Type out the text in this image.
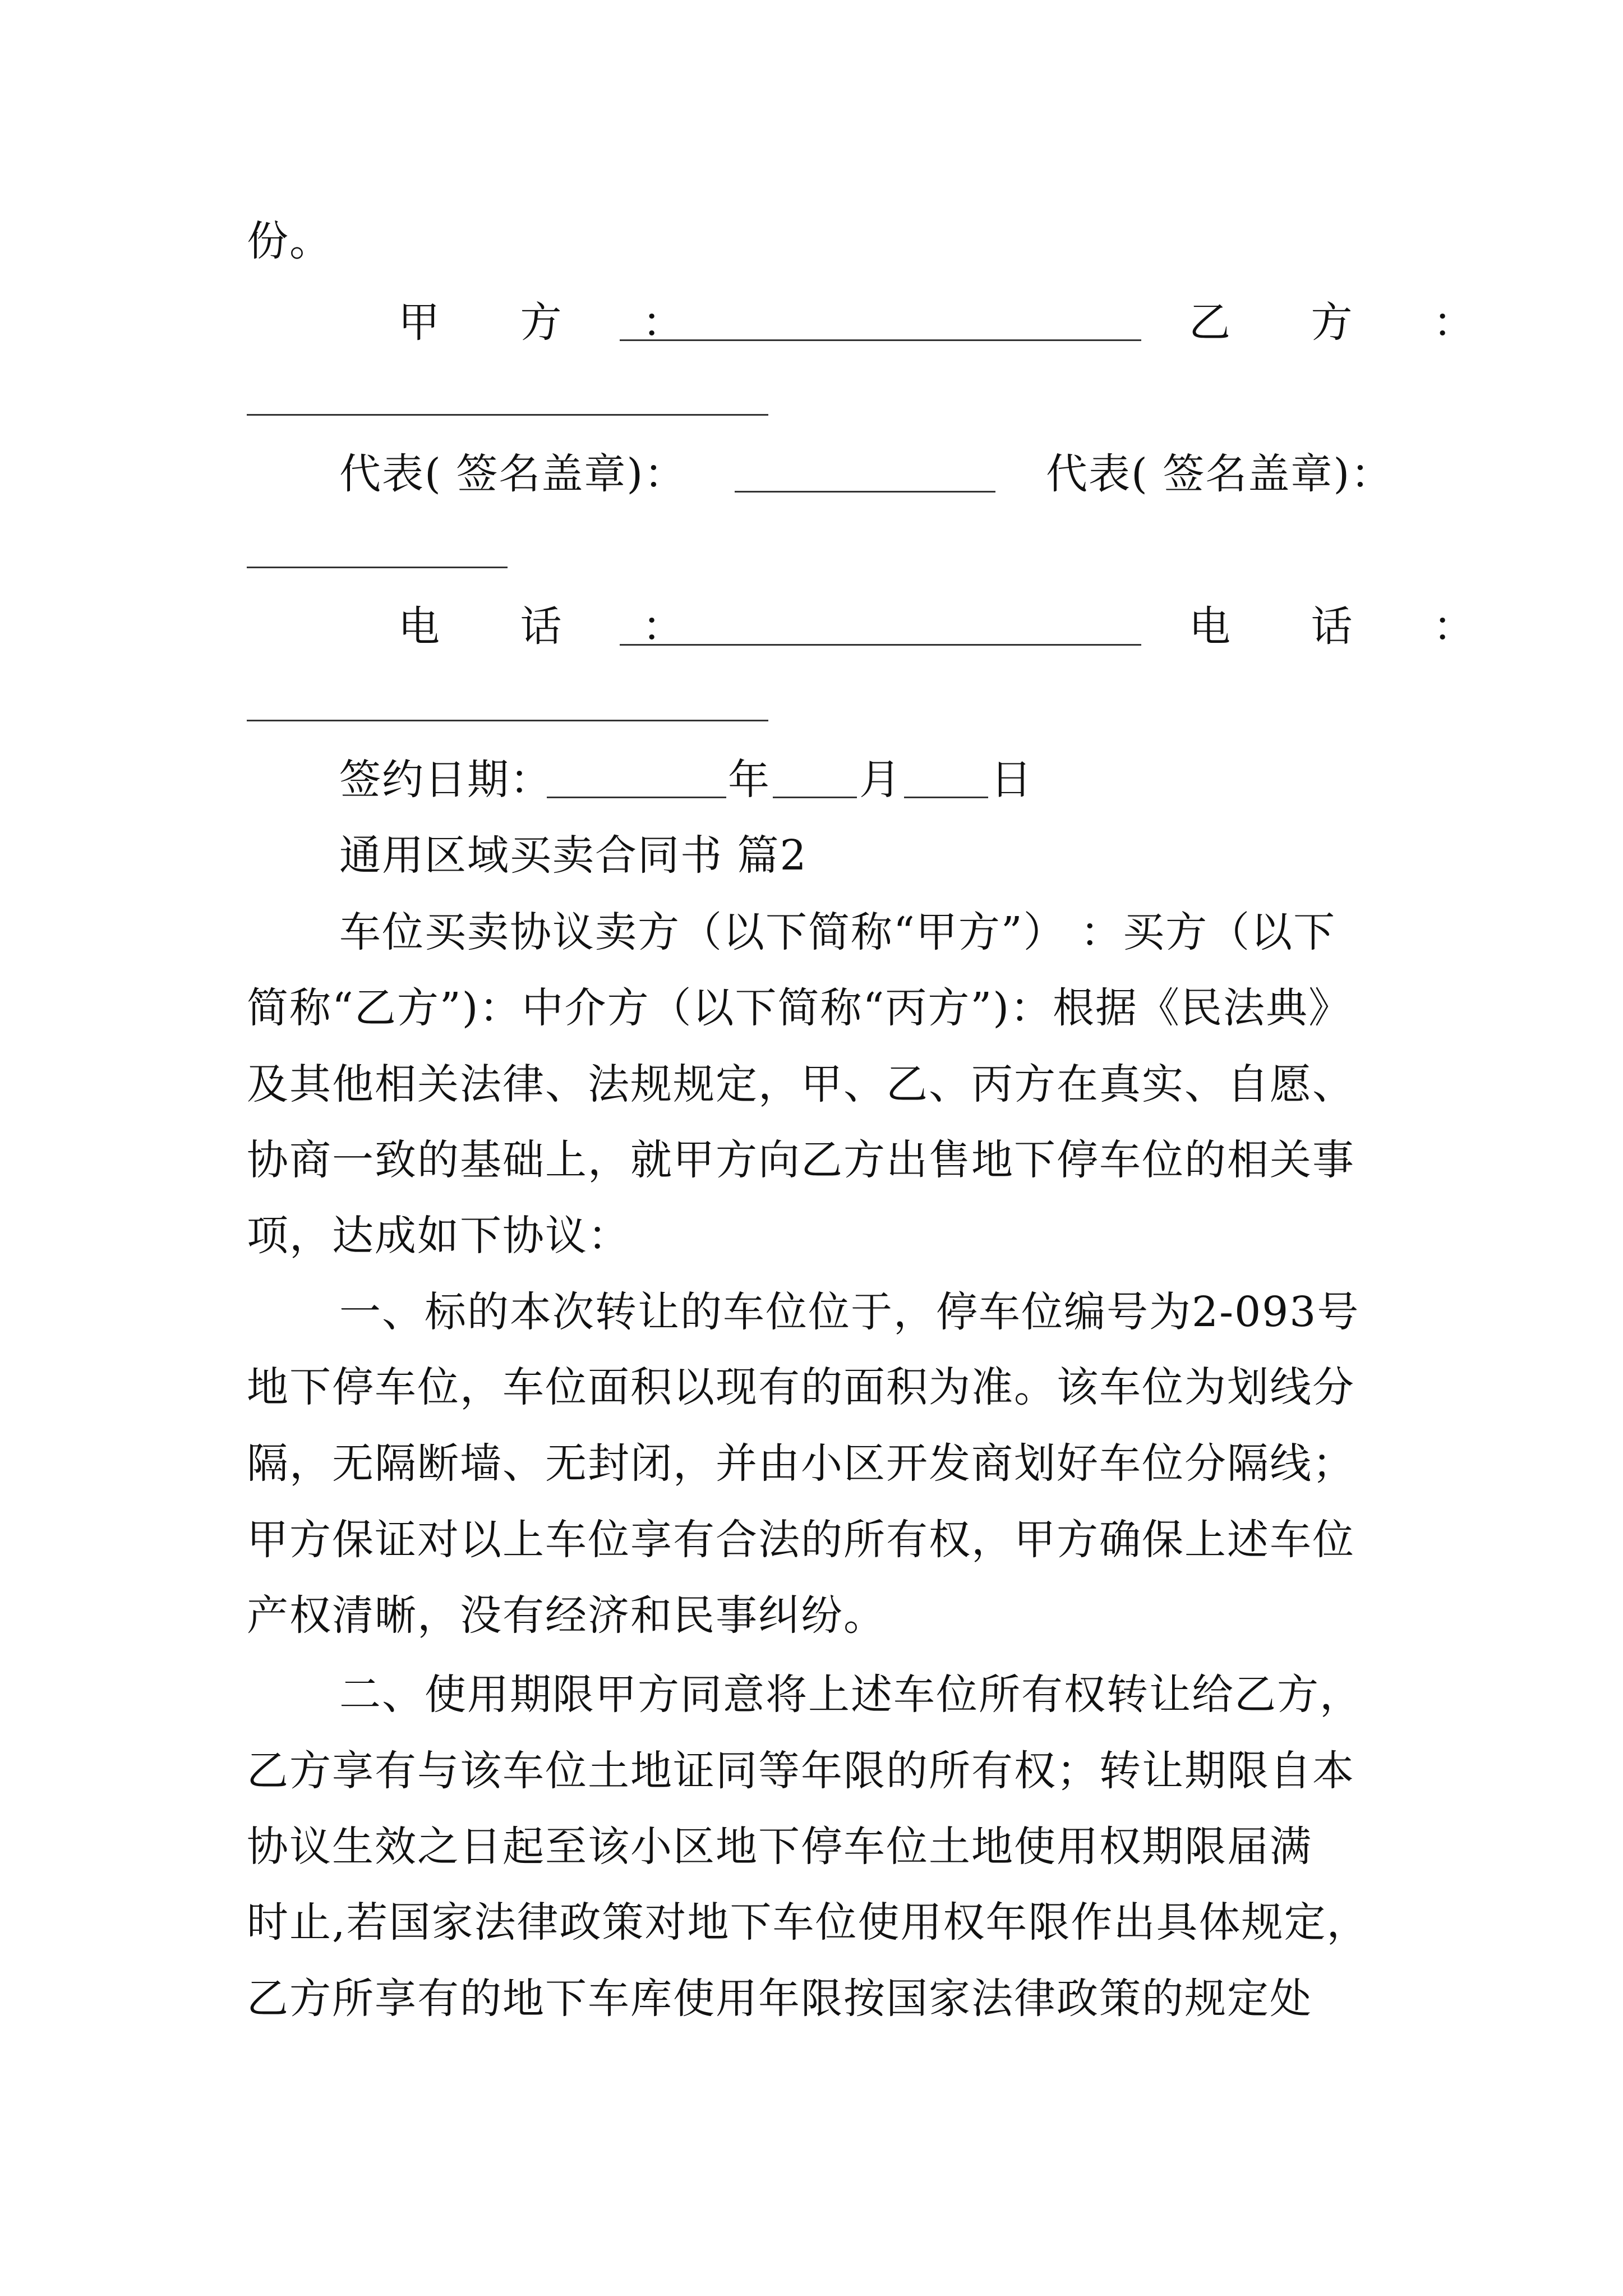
份。
甲 方 ：	乙 方 ：
代表( 签名盖章)：	代表( 签名盖章)：
电 话 ：	电 话 ：
签约日期：	年 月 日
通用区域买卖合同书 篇2
车位买卖协议卖方（以下简称“甲方”） ：买方（以下
简称“乙方”)：中介方（以下简称“丙方”)：根据《民法典》
及其他相关法律、法规规定，甲、乙、丙方在真实、自愿、
协商一致的基础上，就甲方向乙方出售地下停车位的相关事
项，达成如下协议：
一、标的本次转让的车位位于，停车位编号为2-093号
地下停车位，车位面积以现有的面积为准。该车位为划线分
隔，无隔断墙、无封闭，并由小区开发商划好车位分隔线；
甲方保证对以上车位享有合法的所有权，甲方确保上述车位
产权清晰，没有经济和民事纠纷。
二、使用期限甲方同意将上述车位所有权转让给乙方，
乙方享有与该车位土地证同等年限的所有权；转让期限自本
协议生效之日起至该小区地下停车位土地使用权期限届满
时止,若国家法律政策对地下车位使用权年限作出具体规定，
乙方所享有的地下车库使用年限按国家法律政策的规定处
